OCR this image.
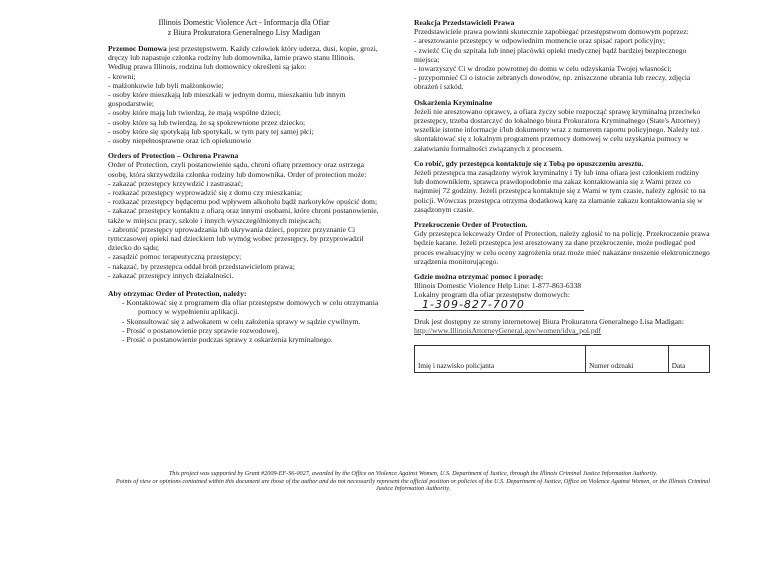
Illinois Domestic Violence Act - Informacja dla Ofiar
z Biura Prokuratora Generalnego Lisy Madigan

Przemoc Domowa jest przestępstwem. Każdy człowiek który uderza, dusi, kopie, grozi, dręczy lub napastuje członka rodziny lub domownika, łamie prawo stanu Illinois. Według prawa Illinois, rodzina lub domownicy określeni są jako:

- krewni;
- małżonkowie lub byli małżonkowie;
- osoby które mieszkają lub mieszkali w jednym domu, mieszkaniu lub innym gospodarstwie;
- osoby które mają lub twierdzą, że mają wspólne dzieci;
- osoby które są lub twierdzą, że są spokrewnione przez dziecko;
- osoby które się spotykają lub spotykali, w tym pary tej samej płci;
- osoby niepełnosprawne oraz ich opiekunowie
Orders of Protection – Ochrona Prawna

Order of Protection, czyli postanowienie sądu, chroni ofiarę przemocy oraz ostrzega osobę, która skrzywdziła członka rodziny lub domownika. Order of protection może:

- zakazać przestępcy krzywdzić i zastraszać;
- rozkazać przestępcy wyprowadzić się z domu czy mieszkania;
- rozkazać przestępcy będącemu pod wpływem alkoholu bądź narkotyków opuścić dom;
- zakazać przestępcy kontaktu z ofiarą oraz innymi osobami, które chroni postanowienie, także w miejscu pracy, szkole i innych wyszczególnionych miejscach;
- zabronić przestępcy uprowadzania lub ukrywania dzieci, poprzez przyznanie Ci tymczasowej opieki nad dzieckiem lub wymóg wobec przestępcy, by przyprowadził dziecko do sądu;
- zasądzić pomoc terapeutyczną przestępcy;
- nakazać, by przestępca oddał broń przedstawicielom prawa;
- zakazać przestępcy innych działalności.
Aby otrzymac Order of Protection, należy:
- Kontaktować się z programem dla ofiar przestępstw domowych w celu otrzymania pomocy w wypełnieniu aplikacji.
- Skonsultować się z adwokatem w celu założenia sprawy w sądzie cywilnym.
- Prosić o postanowienie przy sprawie rozwodowej.
- Prosić o postanowienie podczas sprawy z oskarżenia kryminalnego.
Reakcja Przedstawicieli Prawa

Przedstawiciele prawa powinni skutecznie zapobiegać przestępstwom domowym poprzez:

- aresztowanie przestępcy w odpowiednim momencie oraz spisać raport policyjny;
- zwieźć Cię do szpitala lub innej placówki opieki medycznej bądź bardziej bezpiecznego miejsca;
- towarzyszyć Ci w drodze powrotnej do domu w celu odzyskania Twojej własności;
- przypomnieć Ci o istocie zebranych dowodów, np. zniszczone ubrania lub rzeczy, zdjęcia obrażeń i szkód.
Oskarżenia Kryminalne

Jeżeli nie aresztowano oprawcy, a ofiara życzy sobie rozpocząć sprawę kryminalną przeciwko przestępcy, trzeba dostarczyć do lokalnego biura Prokuratora Kryminalnego (State's Attorney) wszelkie istotne informacje i/lub dokumenty wraz z numerem raportu policyjnego. Należy też skontaktować się z lokalnym programem przemocy domowej w celu uzyskania pomocy w załatwianiu formalności związanych z procesem.

Co robić, gdy przestępca kontaktuje się z Tobą po opuszczeniu aresztu.

Jeżeli przestępca ma zasądzony wyrok kryminalny i Ty lub inna ofiara jest członkiem rodziny lub domownikiem, sprawca prawdopodobnie ma zakaz kontaktowania się z Wami przez co najmniej 72 godziny. Jeżeli przestępca kontaktuje się z Wami w tym czasie, należy zgłosić to na policji. Wówczas przestępca otrzyma dodatkową karę za złamanie zakazu kontaktowania się w zasądzonym czasie.

Przekroczenie Order of Protection.

Gdy przestępca lekceważy Order of Protection, należy zgłosić to na policję. Przekroczenie prawa będzie karane. Jeżeli przestępca jest aresztowany za dane przekroczenie, może podlegać pod proces ewaluacyjny w celu oceny zagrożenia oraz może mieć nakazane noszenie elektronicznego urządzenia monitorującego.

Gdzie można otrzymać pomoc i poradę:

Illinois Domestic Violence Help Line: 1-877-863-6338

Lokalny program dla ofiar przestępstw domowych: 1-309-827-7070

Druk jest dostępny ze strony internetowej Biura Prokuratora Generalnego Lisa Madigan:

http://www.IllinoisAttorneyGeneral.gov/women/idva_pol.pdf

Imię i nazwisko policjanta	Numer odznaki	Data
This project was supported by Grant #2009-EF-S6-0027, awarded by the Office on Violence Against Women, U.S. Department of Justice, through the Illinois Criminal Justice Information Authority.
Points of view or opinions contained within this document are those of the author and do not necessarily represent the official position or policies of the U.S. Department of Justice, Office on Violence Against Women, or the Illinois Criminal Justice Information Authority.
